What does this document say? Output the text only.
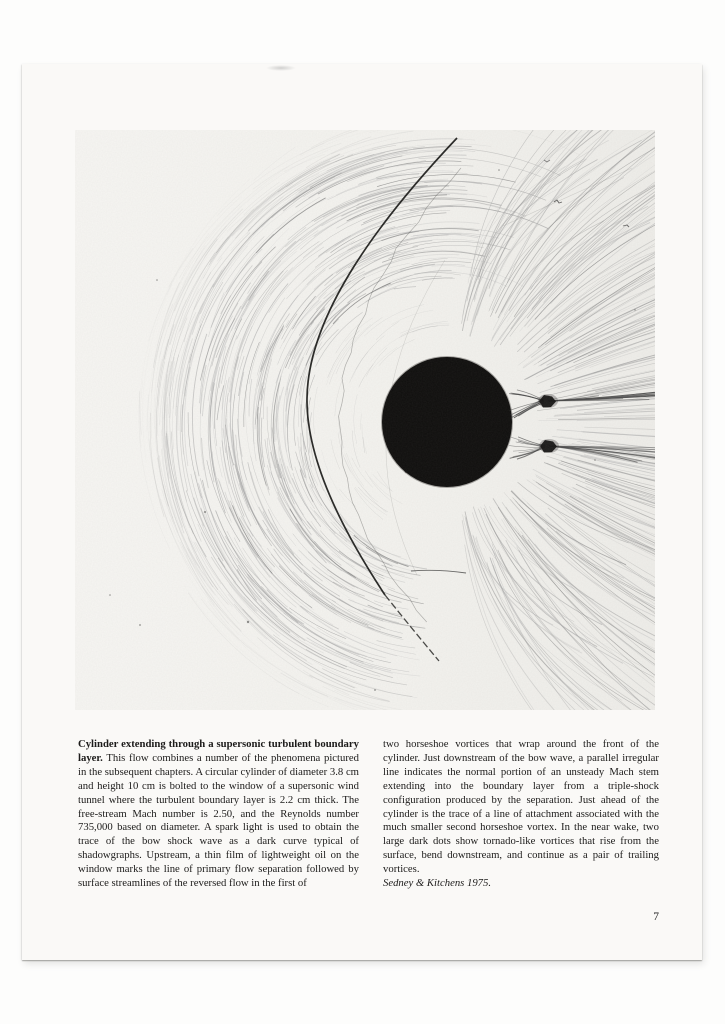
Cylinder extending through a supersonic turbulent boundary layer. This flow combines a number of the phenomena pictured in the subsequent chapters. A circular cylinder of diameter 3.8 cm and height 10 cm is bolted to the window of a supersonic wind tunnel where the turbulent boundary layer is 2.2 cm thick. The free-stream Mach number is 2.50, and the Reynolds number 735,000 based on diameter. A spark light is used to obtain the trace of the bow shock wave as a dark curve typical of shadowgraphs. Upstream, a thin film of lightweight oil on the window marks the line of primary flow separation followed by surface streamlines of the reversed flow in the first of
two horseshoe vortices that wrap around the front of the cylinder. Just downstream of the bow wave, a parallel irregular line indicates the normal portion of an unsteady Mach stem extending into the boundary layer from a triple-shock configuration produced by the separation. Just ahead of the cylinder is the trace of a line of attachment associated with the much smaller second horseshoe vortex. In the near wake, two large dark dots show tornado-like vortices that rise from the surface, bend downstream, and continue as a pair of trailing vortices.
Sedney & Kitchens 1975.
7
